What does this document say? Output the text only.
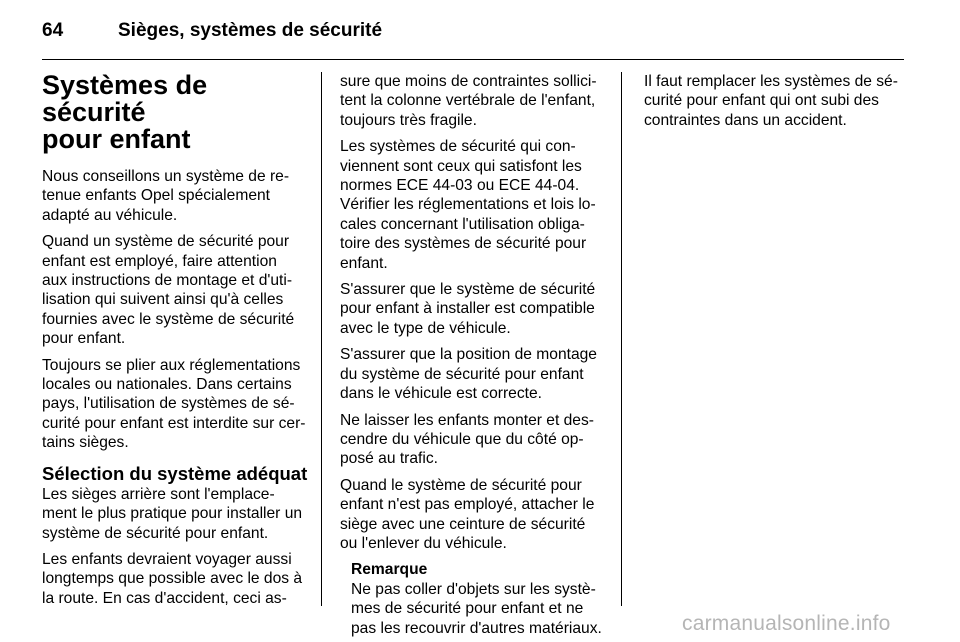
64	Sièges, systèmes de sécurité
Systèmes de sécurité
pour enfant

Nous conseillons un système de re-
tenue enfants Opel spécialement
adapté au véhicule.

Quand un système de sécurité pour
enfant est employé, faire attention
aux instructions de montage et d'uti-
lisation qui suivent ainsi qu'à celles
fournies avec le système de sécurité
pour enfant.

Toujours se plier aux réglementations
locales ou nationales. Dans certains
pays, l'utilisation de systèmes de sé-
curité pour enfant est interdite sur cer-
tains sièges.

Sélection du système adéquat

Les sièges arrière sont l'emplace-
ment le plus pratique pour installer un
système de sécurité pour enfant.

Les enfants devraient voyager aussi
longtemps que possible avec le dos à
la route. En cas d'accident, ceci as-

sure que moins de contraintes sollici-
tent la colonne vertébrale de l'enfant,
toujours très fragile.

Les systèmes de sécurité qui con-
viennent sont ceux qui satisfont les
normes ECE 44-03 ou ECE 44-04.
Vérifier les réglementations et lois lo-
cales concernant l'utilisation obliga-
toire des systèmes de sécurité pour
enfant.

S'assurer que le système de sécurité
pour enfant à installer est compatible
avec le type de véhicule.

S'assurer que la position de montage
du système de sécurité pour enfant
dans le véhicule est correcte.

Ne laisser les enfants monter et des-
cendre du véhicule que du côté op-
posé au trafic.

Quand le système de sécurité pour
enfant n'est pas employé, attacher le
siège avec une ceinture de sécurité
ou l'enlever du véhicule.

Remarque

Ne pas coller d'objets sur les systè-
mes de sécurité pour enfant et ne
pas les recouvrir d'autres matériaux.

Il faut remplacer les systèmes de sé-
curité pour enfant qui ont subi des
contraintes dans un accident.

carmanualsonline.info
